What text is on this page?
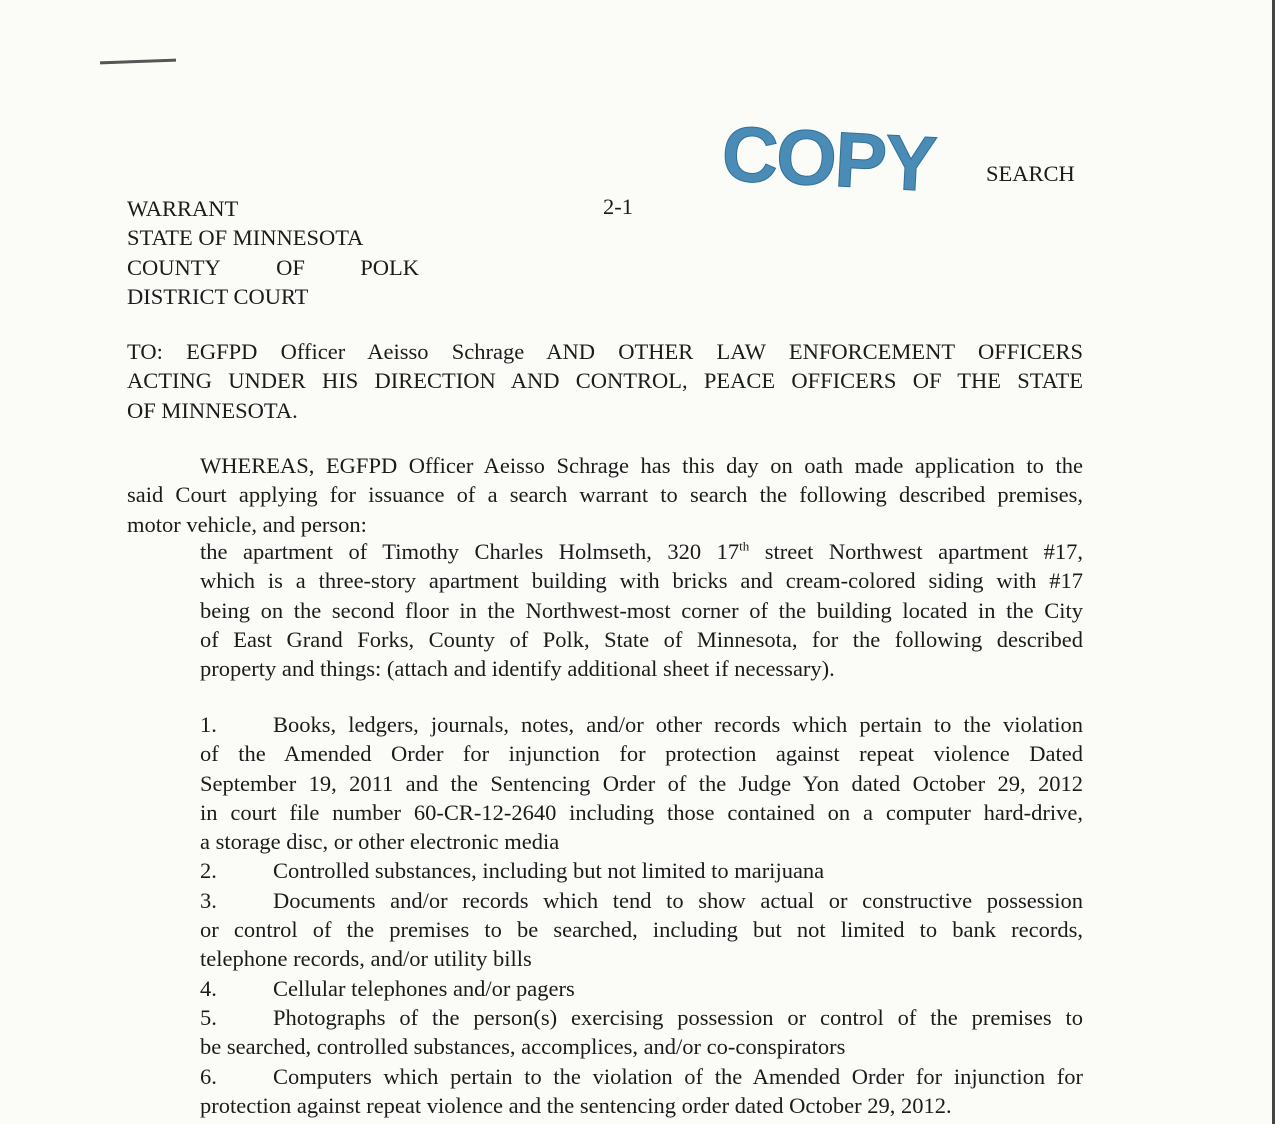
COPY SEARCH
2-1
WARRANT
STATE OF MINNESOTA
COUNTY OF POLK
DISTRICT COURT
TO: EGFPD Officer Aeisso Schrage AND OTHER LAW ENFORCEMENT OFFICERS
ACTING UNDER HIS DIRECTION AND CONTROL, PEACE OFFICERS OF THE STATE
OF MINNESOTA.
WHEREAS, EGFPD Officer Aeisso Schrage has this day on oath made application to the
said Court applying for issuance of a search warrant to search the following described premises,
motor vehicle, and person:
the apartment of Timothy Charles Holmseth, 320 17th street Northwest apartment #17,
which is a three-story apartment building with bricks and cream-colored siding with #17
being on the second floor in the Northwest-most corner of the building located in the City
of East Grand Forks, County of Polk, State of Minnesota, for the following described
property and things: (attach and identify additional sheet if necessary).
1. Books, ledgers, journals, notes, and/or other records which pertain to the violation
of the Amended Order for injunction for protection against repeat violence Dated
September 19, 2011 and the Sentencing Order of the Judge Yon dated October 29, 2012
in court file number 60-CR-12-2640 including those contained on a computer hard-drive,
a storage disc, or other electronic media
2. Controlled substances, including but not limited to marijuana
3. Documents and/or records which tend to show actual or constructive possession
or control of the premises to be searched, including but not limited to bank records,
telephone records, and/or utility bills
4. Cellular telephones and/or pagers
5. Photographs of the person(s) exercising possession or control of the premises to
be searched, controlled substances, accomplices, and/or co-conspirators
6. Computers which pertain to the violation of the Amended Order for injunction for
protection against repeat violence and the sentencing order dated October 29, 2012.
